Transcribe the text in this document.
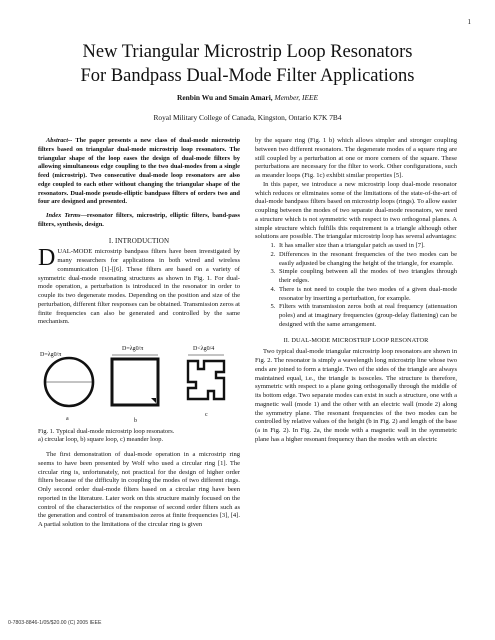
1
New Triangular Microstrip Loop Resonators
For Bandpass Dual-Mode Filter Applications
Renbin Wu and Smain Amari, Member, IEEE
Royal Military College of Canada, Kingston, Ontario K7K 7B4

Abstract-- The paper presents a new class of dual-mode microstrip filters based on triangular dual-mode microstrip loop resonators. The triangular shape of the loop eases the design of dual-mode filters by allowing simultaneous edge coupling to the two dual-modes from a single feed (microstrip). Two consecutive dual-mode loop resonators are also edge coupled to each other without changing the triangular shape of the resonators. Dual-mode pseudo-elliptic bandpass filters of orders two and four are designed and presented.

Index Terms—resonator filters, microstrip, elliptic filters, band-pass filters, synthesis, design.

I. INTRODUCTION

DUAL-MODE microstrip bandpass filters have been investigated by many researchers for applications in both wired and wireless communication [1]-[[6]. These filters are based on a variety of symmetric dual-mode resonating structures as shown in Fig. 1. For dual-mode operation, a perturbation is introduced in the resonator in order to couple its two degenerate modes. Depending on the position and size of the perturbation, different filter responses can be obtained. Transmission zeros at finite frequencies can also be generated and controlled by the same mechanism.

D=λg0/π
D=λg0/π	D<λg0/4
a	b
c

Fig. 1. Typical dual-mode microstrip loop resonators.
a) circular loop, b) square loop, c) meander loop.

The first demonstration of dual-mode operation in a microstrip ring seems to have been presented by Wolf who used a circular ring [1]. The circular ring is, unfortunately, not practical for the design of higher order filters because of the difficulty in coupling the modes of two different rings. Only second order dual-mode filters based on a circular ring have been reported in the literature. Later work on this structure mainly focused on the control of the characteristics of the response of second order filters such as the generation and control of transmission zeros at finite frequencies [3], [4]. A partial solution to the limitations of the circular ring is given

by the square ring (Fig. 1 b) which allows simpler and stronger coupling between two different resonators. The degenerate modes of a square ring are still coupled by a perturbation at one or more corners of the square. These perturbations are necessary for the filter to work. Other configurations, such as meander loops (Fig. 1c) exhibit similar properties [5].

In this paper, we introduce a new microstrip loop dual-mode resonator which reduces or eliminates some of the limitations of the state-of-the-art of dual-mode bandpass filters based on microstrip loops (rings). To allow easier coupling between the modes of two separate dual-mode resonators, we need a structure which is not symmetric with respect to two orthogonal planes. A simple structure which fulfills this requirement is a triangle although other solutions are possible. The triangular microstrip loop has several advantages:

1. It has smaller size than a triangular patch as used in [7].
2. Differences in the resonant frequencies of the two modes can be easily adjusted be changing the height of the triangle, for example.
3. Simple coupling between all the modes of two triangles through their edges.
4. There is not need to couple the two modes of a given dual-mode resonator by inserting a perturbation, for example.
5. Filters with transmission zeros both at real frequency (attenuation poles) and at imaginary frequencies (group-delay flattening) can be designed with the same arrangement.
II. DUAL-MODE MICROSTRIP LOOP RESONATOR

Two typical dual-mode triangular microstrip loop resonators are shown in Fig. 2. The resonator is simply a wavelength long microstrip line whose two ends are joined to form a triangle. Two of the sides of the triangle are always maintained equal, i.e., the triangle is isosceles. The structure is therefore, symmetric with respect to a plane going orthogonally through the middle of its bottom edge. Two separate modes can exist in such a structure, one with a magnetic wall (mode 1) and the other with an electric wall (mode 2) along the symmetry plane. The resonant frequencies of the two modes can be controlled by relative values of the height (b in Fig. 2) and length of the base (a in Fig. 2). In Fig. 2a, the mode with a magnetic wall in the symmetric plane has a higher resonant frequency than the modes with an electric

0-7803-8846-1/05/$20.00 (C) 2005 IEEE
